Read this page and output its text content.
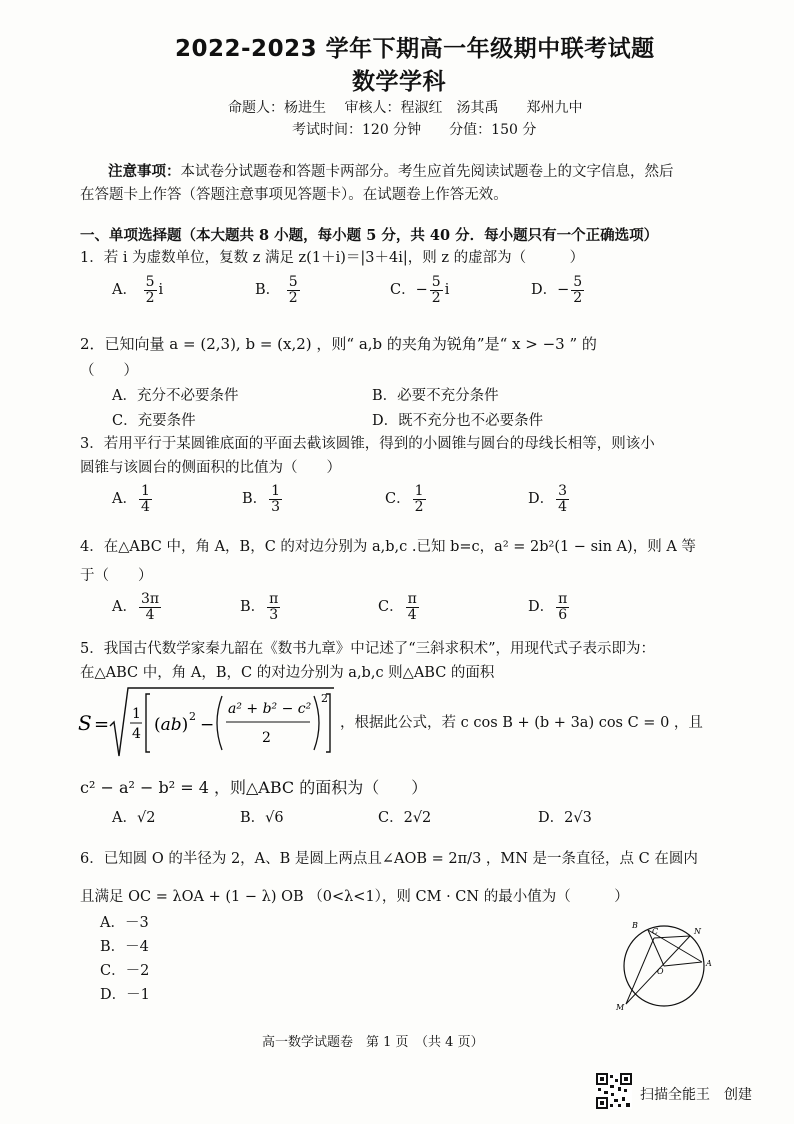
2022-2023 学年下期高一年级期中联考试题
数学学科
命题人：杨进生　 审核人：程淑红　汤其禹　　郑州九中
考试时间：120 分钟　　分值：150 分
注意事项：本试卷分试题卷和答题卡两部分。考生应首先阅读试题卷上的文字信息，然后
在答题卡上作答（答题注意事项见答题卡）。在试题卷上作答无效。
一、单项选择题（本大题共 8 小题，每小题 5 分，共 40 分．每小题只有一个正确选项）
1．若 i 为虚数单位，复数 z 满足 z(1＋i)＝|3＋4i|，则 z 的虚部为（　　　）
A． $\frac{5}{2}$ i	B． $\frac{5}{2}$	C．− $\frac{5}{2}$ i	D．− $\frac{5}{2}$
2．已知向量 a = (2,3), b = (x,2) ，则“ a,b 的夹角为锐角”是“ x > −3 ” 的
（　　）
A．充分不必要条件	B．必要不充分条件
C．充要条件	D．既不充分也不必要条件
3．若用平行于某圆锥底面的平面去截该圆锥，得到的小圆锥与圆台的母线长相等，则该小
圆锥与该圆台的侧面积的比值为（　　）
A． $\frac{1}{4}$	B． $\frac{1}{3}$	C． $\frac{1}{2}$	D． $\frac{3}{4}$
4．在△ABC 中，角 A，B，C 的对边分别为 a,b,c .已知 b=c，a² = 2b²(1 − sin A)，则 A 等
于（　　）
A． $\frac{3\pi}{4}$	B． $\frac{\pi}{3}$	C． $\frac{\pi}{4}$	D． $\frac{\pi}{6}$
5．我国古代数学家秦九韶在《数书九章》中记述了“三斜求积术”，用现代式子表示即为：
在△ABC 中，角 A，B，C 的对边分别为 a,b,c 则△ABC 的面积
S = 1
4 (ab) 2 −
a² + b² − c²
2
2
，根据此公式，若 c cos B + (b + 3a) cos C = 0 ，且
c² − a² − b² = 4 ，则△ABC 的面积为（　　）
A．√2	B．√6	C．2√2	D．2√3
6．已知圆 O 的半径为 2，A、B 是圆上两点且∠AOB = 2π/3 ，MN 是一条直径，点 C 在圆内
且满足 OC = λOA + (1 − λ) OB （0<λ<1），则 CM · CN 的最小值为（　　　）
A．－3
B．－4
C．－2
D．－1
B
C	N
O
A
M
高一数学试题卷　第 1 页　（共 4 页）
扫描全能王　创建
